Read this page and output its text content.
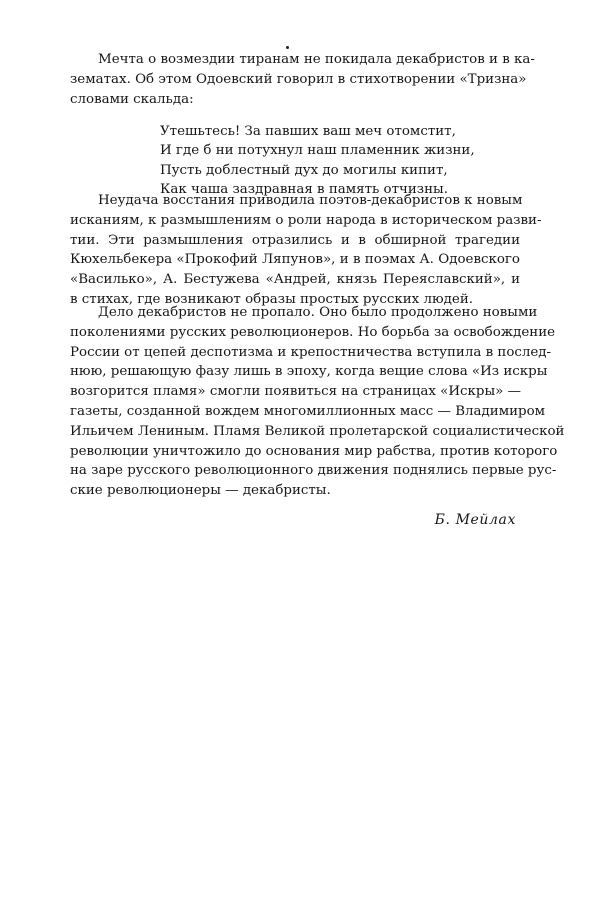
Мечта о возмездии тиранам не покидала декабристов и в ка-
зематах. Об этом Одоевский говорил в стихотворении «Тризна»
словами скальда:
Утешьтесь! За павших ваш меч отомстит,
И где б ни потухнул наш пламенник жизни,
Пусть доблестный дух до могилы кипит,
Как чаша заздравная в память отчизны.
Неудача восстания приводила поэтов-декабристов к новым
исканиям, к размышлениям о роли народа в историческом разви-
тии. Эти размышления отразились и в обширной трагедии
Кюхельбекера «Прокофий Ляпунов», и в поэмах А. Одоевского
«Василько», А. Бестужева «Андрей, князь Переяславский», и
в стихах, где возникают образы простых русских людей.
Дело декабристов не пропало. Оно было продолжено новыми
поколениями русских революционеров. Но борьба за освобождение
России от цепей деспотизма и крепостничества вступила в послед-
нюю, решающую фазу лишь в эпоху, когда вещие слова «Из искры
возгорится пламя» смогли появиться на страницах «Искры» —
газеты, созданной вождем многомиллионных масс — Владимиром
Ильичем Лениным. Пламя Великой пролетарской социалистической
революции уничтожило до основания мир рабства, против которого
на заре русского революционного движения поднялись первые рус-
ские революционеры — декабристы.
Б. Мейлах
